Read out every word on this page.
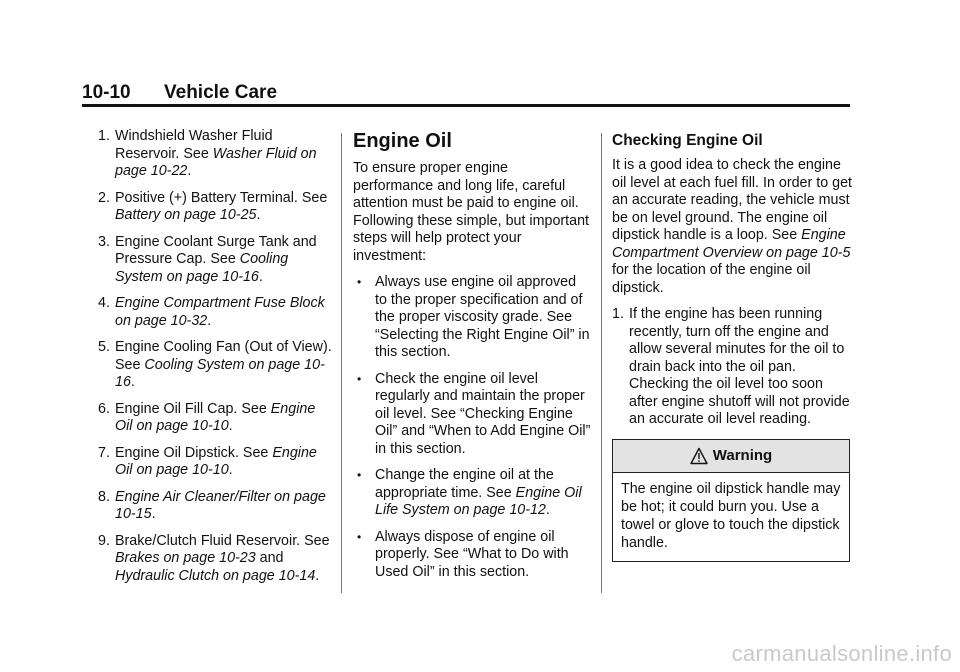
10-10 Vehicle Care
1. Windshield Washer Fluid Reservoir. See Washer Fluid on page 10-22.
2. Positive (+) Battery Terminal. See Battery on page 10-25.
3. Engine Coolant Surge Tank and Pressure Cap. See Cooling System on page 10-16.
4. Engine Compartment Fuse Block on page 10-32.
5. Engine Cooling Fan (Out of View). See Cooling System on page 10-16.
6. Engine Oil Fill Cap. See Engine Oil on page 10-10.
7. Engine Oil Dipstick. See Engine Oil on page 10-10.
8. Engine Air Cleaner/Filter on page 10-15.
9. Brake/Clutch Fluid Reservoir. See Brakes on page 10-23 and Hydraulic Clutch on page 10-14.
Engine Oil

To ensure proper engine performance and long life, careful attention must be paid to engine oil. Following these simple, but important steps will help protect your investment:

• Always use engine oil approved to the proper specification and of the proper viscosity grade. See “Selecting the Right Engine Oil” in this section.
• Check the engine oil level regularly and maintain the proper oil level. See “Checking Engine Oil” and “When to Add Engine Oil” in this section.
• Change the engine oil at the appropriate time. See Engine Oil Life System on page 10-12.
• Always dispose of engine oil properly. See “What to Do with Used Oil” in this section.
Checking Engine Oil

It is a good idea to check the engine oil level at each fuel fill. In order to get an accurate reading, the vehicle must be on level ground. The engine oil dipstick handle is a loop. See Engine Compartment Overview on page 10-5 for the location of the engine oil dipstick.

1. If the engine has been running recently, turn off the engine and allow several minutes for the oil to drain back into the oil pan. Checking the oil level too soon after engine shutoff will not provide an accurate oil level reading.
Warning
The engine oil dipstick handle may be hot; it could burn you. Use a towel or glove to touch the dipstick handle.
carmanualsonline.info
